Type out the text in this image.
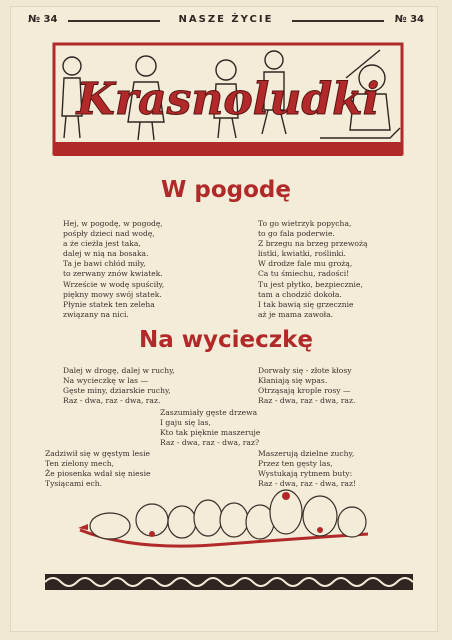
№ 34	NASZE ŻYCIE	№ 34
Krasnoludki
W pogodę
Hej, w pogodę, w pogodę,
pośpły dzieci nad wodę,
a że cieżła jest taka,
dalej w nią na bosaka.
Ta je bawi chłód miły,
to zerwany znów kwiatek.
Wrzeście w wodę spuściły,
piękny mowy swój statek.
Płynie statek ten zeleha
związany na nici.
To go wietrzyk popycha,
to go fala poderwie.
Z brzegu na brzeg przewożą
listki, kwiatki, roślinki.
W drodze fale mu grożą,
Ca tu śmiechu, radości!
Tu jest płytko, bezpiecznie,
tam a chodzić dokoła.
I tak bawią się grzecznie
aż je mama zawoła.
Na wycieczkę
Dalej w drogę, dalej w ruchy,
Na wycieczkę w las —
Gęste miny, dziarskie ruchy,
Raz - dwa, raz - dwa, raz.
Dorwały się - złote kłosy
Kłaniają się wpas.
Otrząsają krople rosy —
Raz - dwa, raz - dwa, raz.
Zaszumiały gęste drzewa
I gaju się las,
Kto tak pięknie maszeruje
Raz - dwa, raz - dwa, raz?
Zadziwił się w gęstym lesie
Ten zielony mech,
Że piosenka wdał się niesie
Tysiącami ech.
Maszerują dzielne zuchy,
Przez ten gęsty las,
Wystukają rytmem buty:
Raz - dwa, raz - dwa, raz!
